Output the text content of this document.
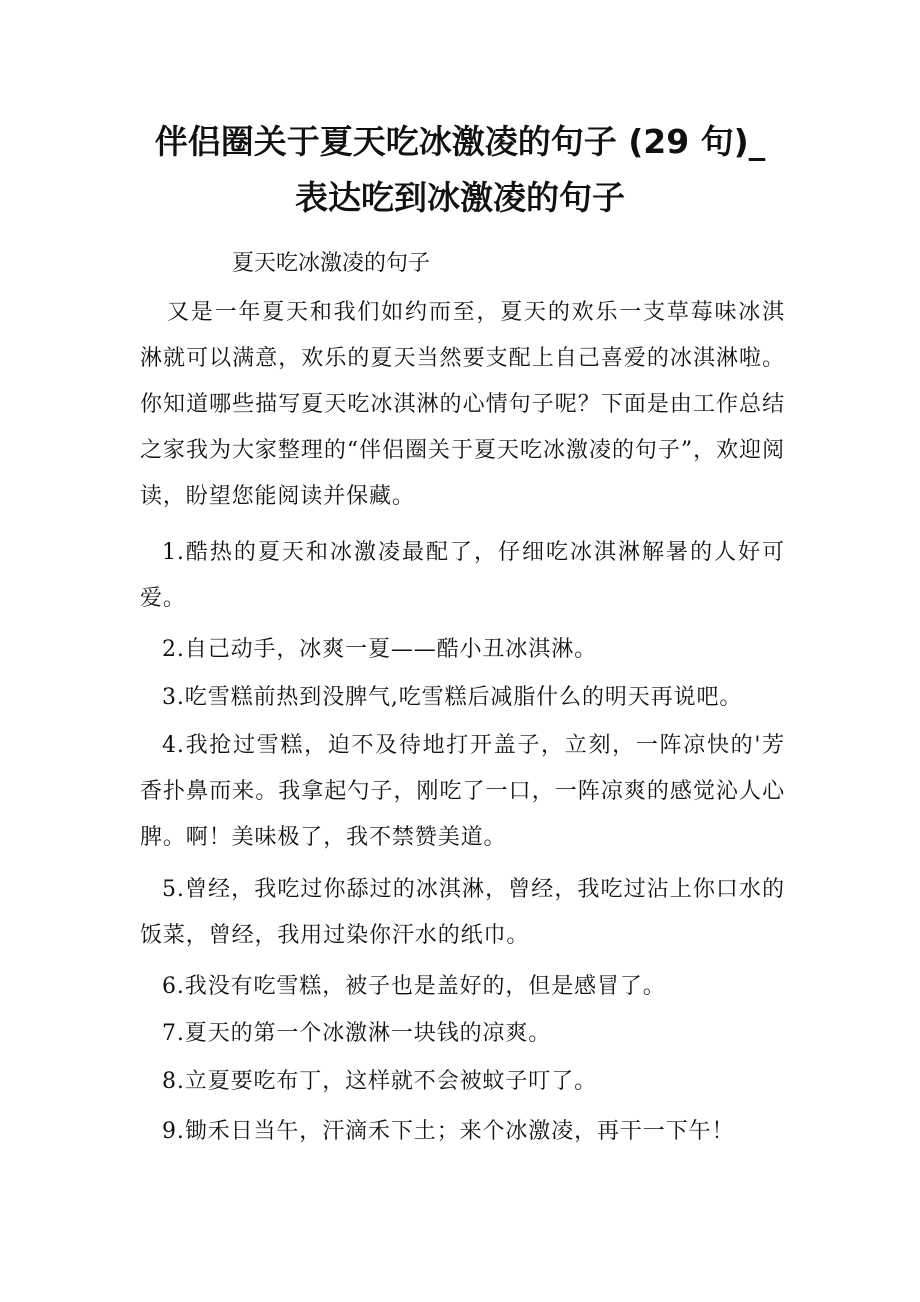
伴侣圈关于夏天吃冰激凌的句子 (29 句)_
表达吃到冰激凌的句子

夏天吃冰激凌的句子

又是一年夏天和我们如约而至，夏天的欢乐一支草莓味冰淇淋就可以满意，欢乐的夏天当然要支配上自己喜爱的冰淇淋啦。你知道哪些描写夏天吃冰淇淋的心情句子呢？下面是由工作总结之家我为大家整理的“伴侣圈关于夏天吃冰激凌的句子”，欢迎阅读，盼望您能阅读并保藏。

1.酷热的夏天和冰激凌最配了，仔细吃冰淇淋解暑的人好可爱。

2.自己动手，冰爽一夏——酷小丑冰淇淋。

3.吃雪糕前热到没脾气,吃雪糕后减脂什么的明天再说吧。

4.我抢过雪糕，迫不及待地打开盖子，立刻，一阵凉快的'芳香扑鼻而来。我拿起勺子，刚吃了一口，一阵凉爽的感觉沁人心脾。啊！美味极了，我不禁赞美道。

5.曾经，我吃过你舔过的冰淇淋，曾经，我吃过沾上你口水的饭菜，曾经，我用过染你汗水的纸巾。

6.我没有吃雪糕，被子也是盖好的，但是感冒了。

7.夏天的第一个冰激淋一块钱的凉爽。

8.立夏要吃布丁，这样就不会被蚊子叮了。

9.锄禾日当午，汗滴禾下土；来个冰激凌，再干一下午！
